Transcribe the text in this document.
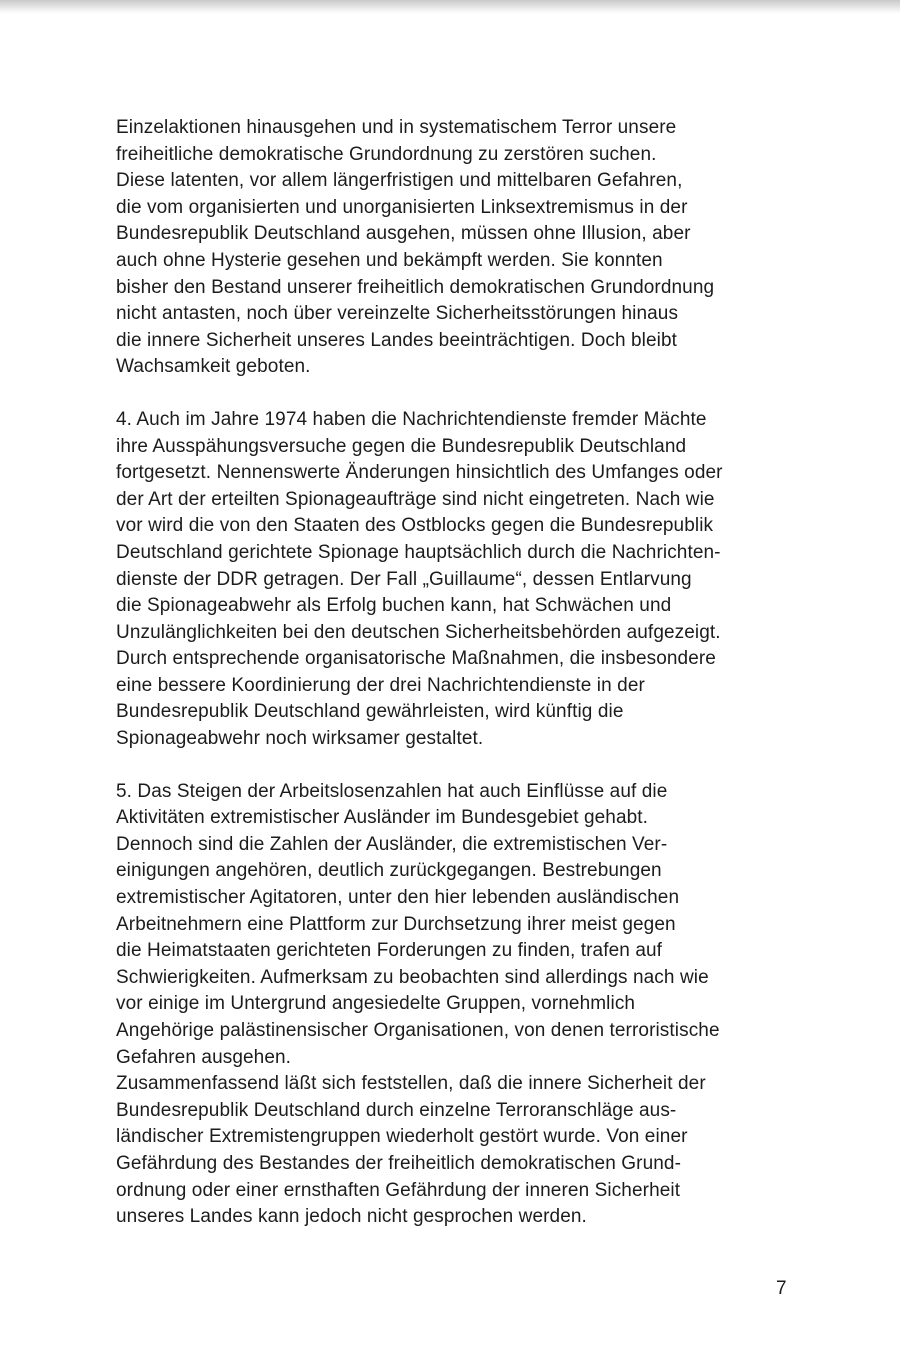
Einzelaktionen hinausgehen und in systematischem Terror unsere
freiheitliche demokratische Grundordnung zu zerstören suchen.
Diese latenten, vor allem längerfristigen und mittelbaren Gefahren,
die vom organisierten und unorganisierten Linksextremismus in der
Bundesrepublik Deutschland ausgehen, müssen ohne Illusion, aber
auch ohne Hysterie gesehen und bekämpft werden. Sie konnten
bisher den Bestand unserer freiheitlich demokratischen Grundordnung
nicht antasten, noch über vereinzelte Sicherheitsstörungen hinaus
die innere Sicherheit unseres Landes beeinträchtigen. Doch bleibt
Wachsamkeit geboten.

4. Auch im Jahre 1974 haben die Nachrichtendienste fremder Mächte
ihre Ausspähungsversuche gegen die Bundesrepublik Deutschland
fortgesetzt. Nennenswerte Änderungen hinsichtlich des Umfanges oder
der Art der erteilten Spionageaufträge sind nicht eingetreten. Nach wie
vor wird die von den Staaten des Ostblocks gegen die Bundesrepublik
Deutschland gerichtete Spionage hauptsächlich durch die Nachrichten-
dienste der DDR getragen. Der Fall „Guillaume“, dessen Entlarvung
die Spionageabwehr als Erfolg buchen kann, hat Schwächen und
Unzulänglichkeiten bei den deutschen Sicherheitsbehörden aufgezeigt.
Durch entsprechende organisatorische Maßnahmen, die insbesondere
eine bessere Koordinierung der drei Nachrichtendienste in der
Bundesrepublik Deutschland gewährleisten, wird künftig die
Spionageabwehr noch wirksamer gestaltet.

5. Das Steigen der Arbeitslosenzahlen hat auch Einflüsse auf die
Aktivitäten extremistischer Ausländer im Bundesgebiet gehabt.
Dennoch sind die Zahlen der Ausländer, die extremistischen Ver-
einigungen angehören, deutlich zurückgegangen. Bestrebungen
extremistischer Agitatoren, unter den hier lebenden ausländischen
Arbeitnehmern eine Plattform zur Durchsetzung ihrer meist gegen
die Heimatstaaten gerichteten Forderungen zu finden, trafen auf
Schwierigkeiten. Aufmerksam zu beobachten sind allerdings nach wie
vor einige im Untergrund angesiedelte Gruppen, vornehmlich
Angehörige palästinensischer Organisationen, von denen terroristische
Gefahren ausgehen.

Zusammenfassend läßt sich feststellen, daß die innere Sicherheit der
Bundesrepublik Deutschland durch einzelne Terroranschläge aus-
ländischer Extremistengruppen wiederholt gestört wurde. Von einer
Gefährdung des Bestandes der freiheitlich demokratischen Grund-
ordnung oder einer ernsthaften Gefährdung der inneren Sicherheit
unseres Landes kann jedoch nicht gesprochen werden.

7
